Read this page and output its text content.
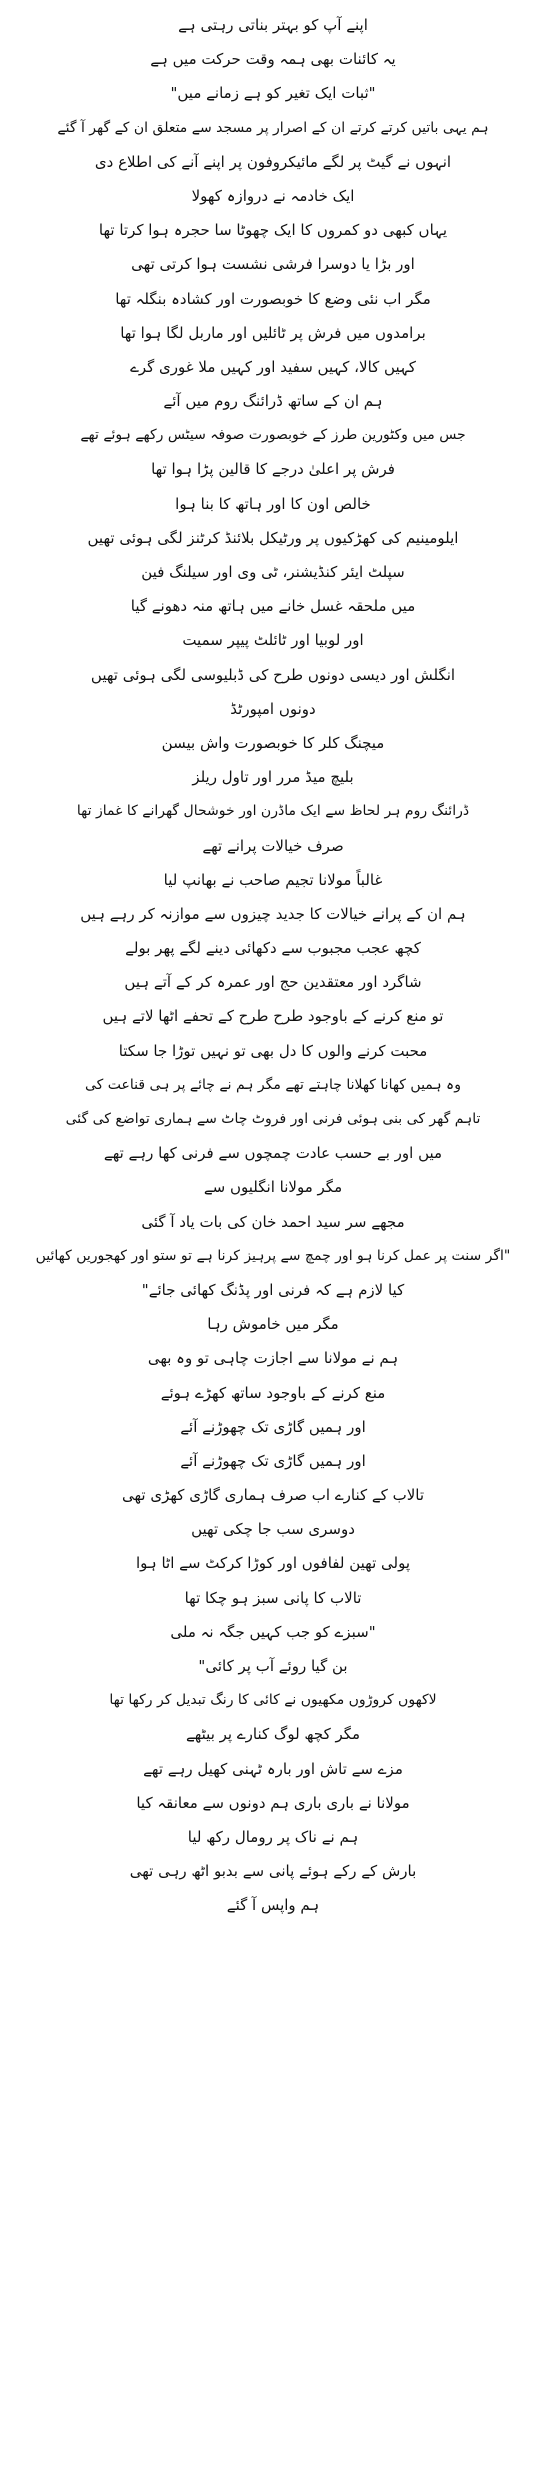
اپنے آپ کو بہتر بناتی رہتی ہے
یہ کائنات بھی ہمہ وقت حرکت میں ہے
"ثبات ایک تغیر کو ہے زمانے میں"
ہم یہی باتیں کرتے کرتے ان کے اصرار پر مسجد سے متعلق ان کے گھر آ گئے
انہوں نے گیٹ پر لگے مائیکروفون پر اپنے آنے کی اطلاع دی
ایک خادمہ نے دروازہ کھولا
یہاں کبھی دو کمروں کا ایک چھوٹا سا حجرہ ہوا کرتا تھا
اور بڑا یا دوسرا فرشی نشست ہوا کرتی تھی
مگر اب نئی وضع کا خوبصورت اور کشادہ بنگلہ تھا
برامدوں میں فرش پر ٹائلیں اور ماربل لگا ہوا تھا
کہیں کالا، کہیں سفید اور کہیں ملا غوری گرے
ہم ان کے ساتھ ڈرائنگ روم میں آئے
جس میں وکٹورین طرز کے خوبصورت صوفہ سیٹس رکھے ہوئے تھے
فرش پر اعلیٰ درجے کا قالین پڑا ہوا تھا
خالص اون کا اور ہاتھ کا بنا ہوا
ایلومینیم کی کھڑکیوں پر ورٹیکل بلائنڈ کرٹنز لگی ہوئی تھیں
سپلٹ ایئر کنڈیشنر، ٹی وی اور سیلنگ فین
میں ملحقہ غسل خانے میں ہاتھ منہ دھونے گیا
اور لوبیا اور ٹائلٹ پیپر سمیت
انگلش اور دیسی دونوں طرح کی ڈبلیوسی لگی ہوئی تھیں
دونوں امپورٹڈ
میچنگ کلر کا خوبصورت واش بیسن
بلیچ میڈ مرر اور تاول ریلز
ڈرائنگ روم ہر لحاظ سے ایک ماڈرن اور خوشحال گھرانے کا غماز تھا
صرف خیالات پرانے تھے
غالباً مولانا تجیم صاحب نے بھانپ لیا
ہم ان کے پرانے خیالات کا جدید چیزوں سے موازنہ کر رہے ہیں
کچھ عجب مجبوب سے دکھائی دینے لگے پھر بولے
شاگرد اور معتقدین حج اور عمرہ کر کے آتے ہیں
تو منع کرنے کے باوجود طرح طرح کے تحفے اٹھا لاتے ہیں
محبت کرنے والوں کا دل بھی تو نہیں توڑا جا سکتا
وہ ہمیں کھانا کھلانا چاہتے تھے مگر ہم نے چائے پر ہی قناعت کی
تاہم گھر کی بنی ہوئی فرنی اور فروٹ چاٹ سے ہماری تواضع کی گئی
میں اور بے حسب عادت چمچوں سے فرنی کھا رہے تھے
مگر مولانا انگلیوں سے
مجھے سر سید احمد خان کی بات یاد آ گئی
"اگر سنت پر عمل کرنا ہو اور چمچ سے پرہیز کرنا ہے تو ستو اور کھجوریں کھائیں
کیا لازم ہے کہ فرنی اور پڈنگ کھائی جائے"
مگر میں خاموش رہا
ہم نے مولانا سے اجازت چاہی تو وہ بھی
منع کرنے کے باوجود ساتھ کھڑے ہوئے
اور ہمیں گاڑی تک چھوڑنے آئے
اور ہمیں گاڑی تک چھوڑنے آئے
تالاب کے کنارے اب صرف ہماری گاڑی کھڑی تھی
دوسری سب جا چکی تھیں
پولی تھین لفافوں اور کوڑا کرکٹ سے اٹا ہوا
تالاب کا پانی سبز ہو چکا تھا
"سبزے کو جب کہیں جگہ نہ ملی
بن گیا روئے آب پر کائی"
لاکھوں کروڑوں مکھیوں نے کائی کا رنگ تبدیل کر رکھا تھا
مگر کچھ لوگ کنارے پر بیٹھے
مزے سے تاش اور بارہ ٹہنی کھیل رہے تھے
مولانا نے باری باری ہم دونوں سے معانقہ کیا
ہم نے ناک پر رومال رکھ لیا
بارش کے رکے ہوئے پانی سے بدبو اٹھ رہی تھی
ہم واپس آ گئے
